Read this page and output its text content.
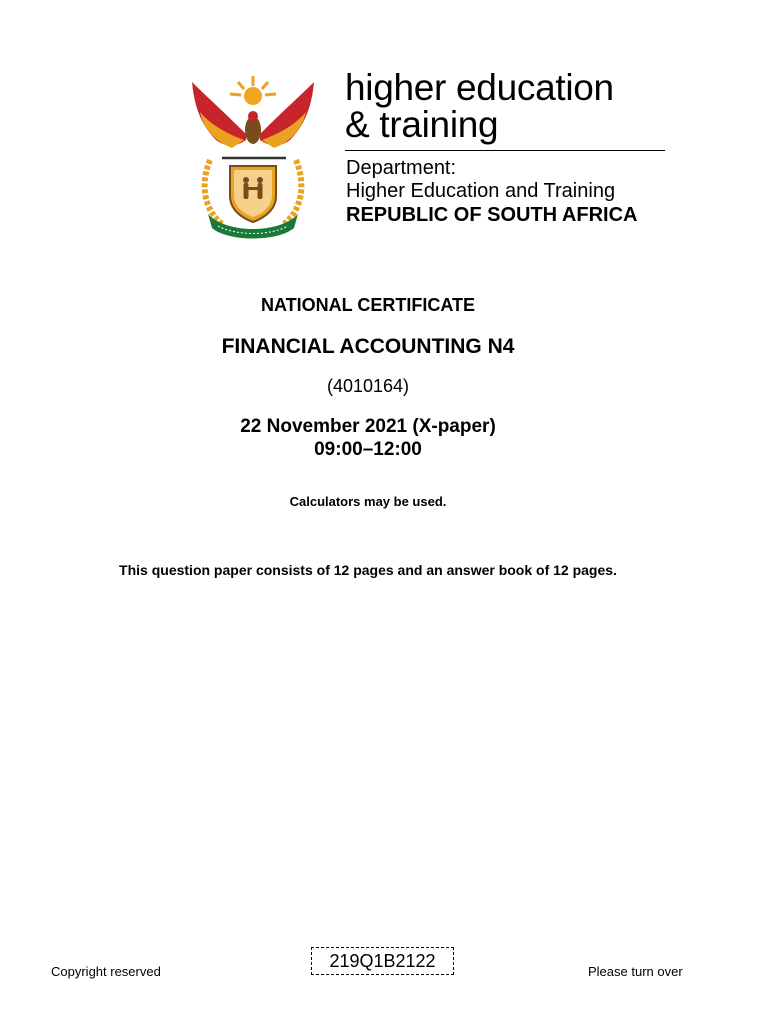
higher education
& training
Department:
Higher Education and Training
REPUBLIC OF SOUTH AFRICA
NATIONAL CERTIFICATE
FINANCIAL ACCOUNTING N4
(4010164)
22 November 2021 (X-paper)
09:00–12:00
Calculators may be used.
This question paper consists of 12 pages and an answer book of 12 pages.
Copyright reserved
219Q1B2122
Please turn over
